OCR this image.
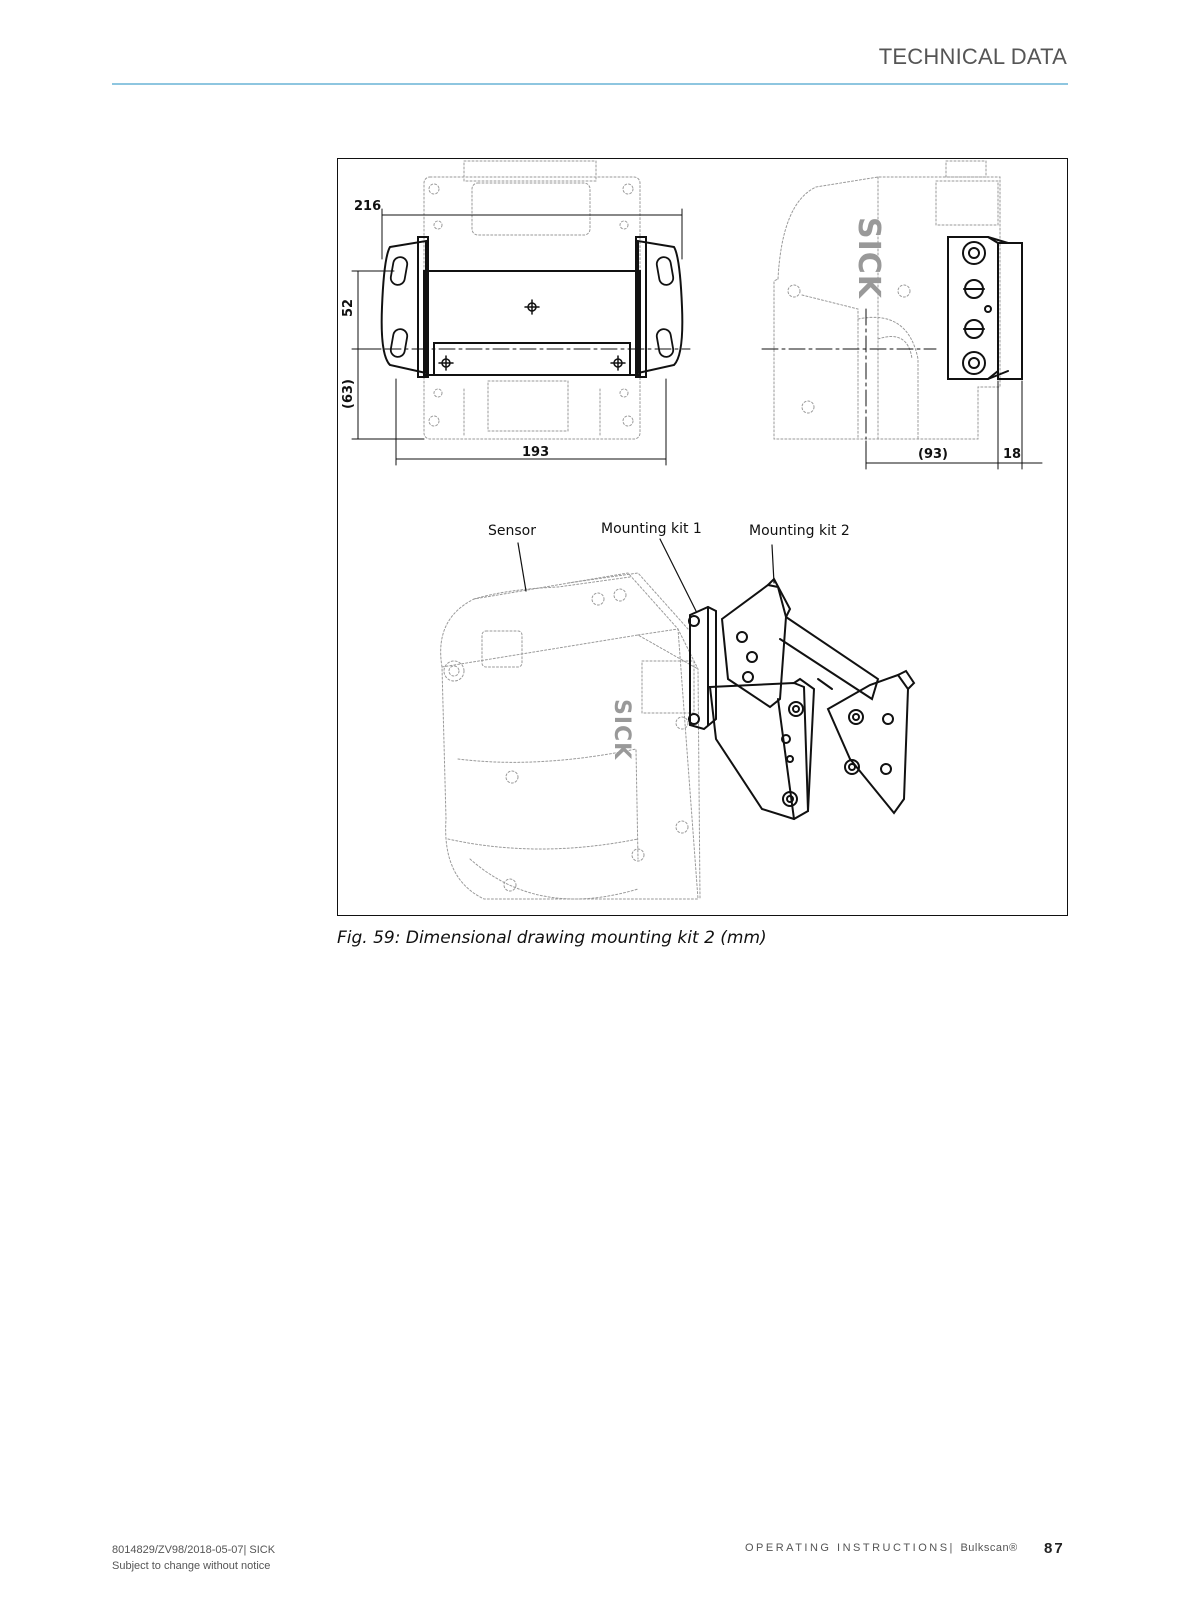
TECHNICAL DATA
216
52
(63)
193	(93)	18
SICK
SICK
Sensor	Mounting kit 1	Mounting kit 2
Fig. 59: Dimensional drawing mounting kit 2 (mm)
8014829/ZV98/2018-05-07| SICK
Subject to change without notice
OPERATING INSTRUCTIONS| Bulkscan® 87
